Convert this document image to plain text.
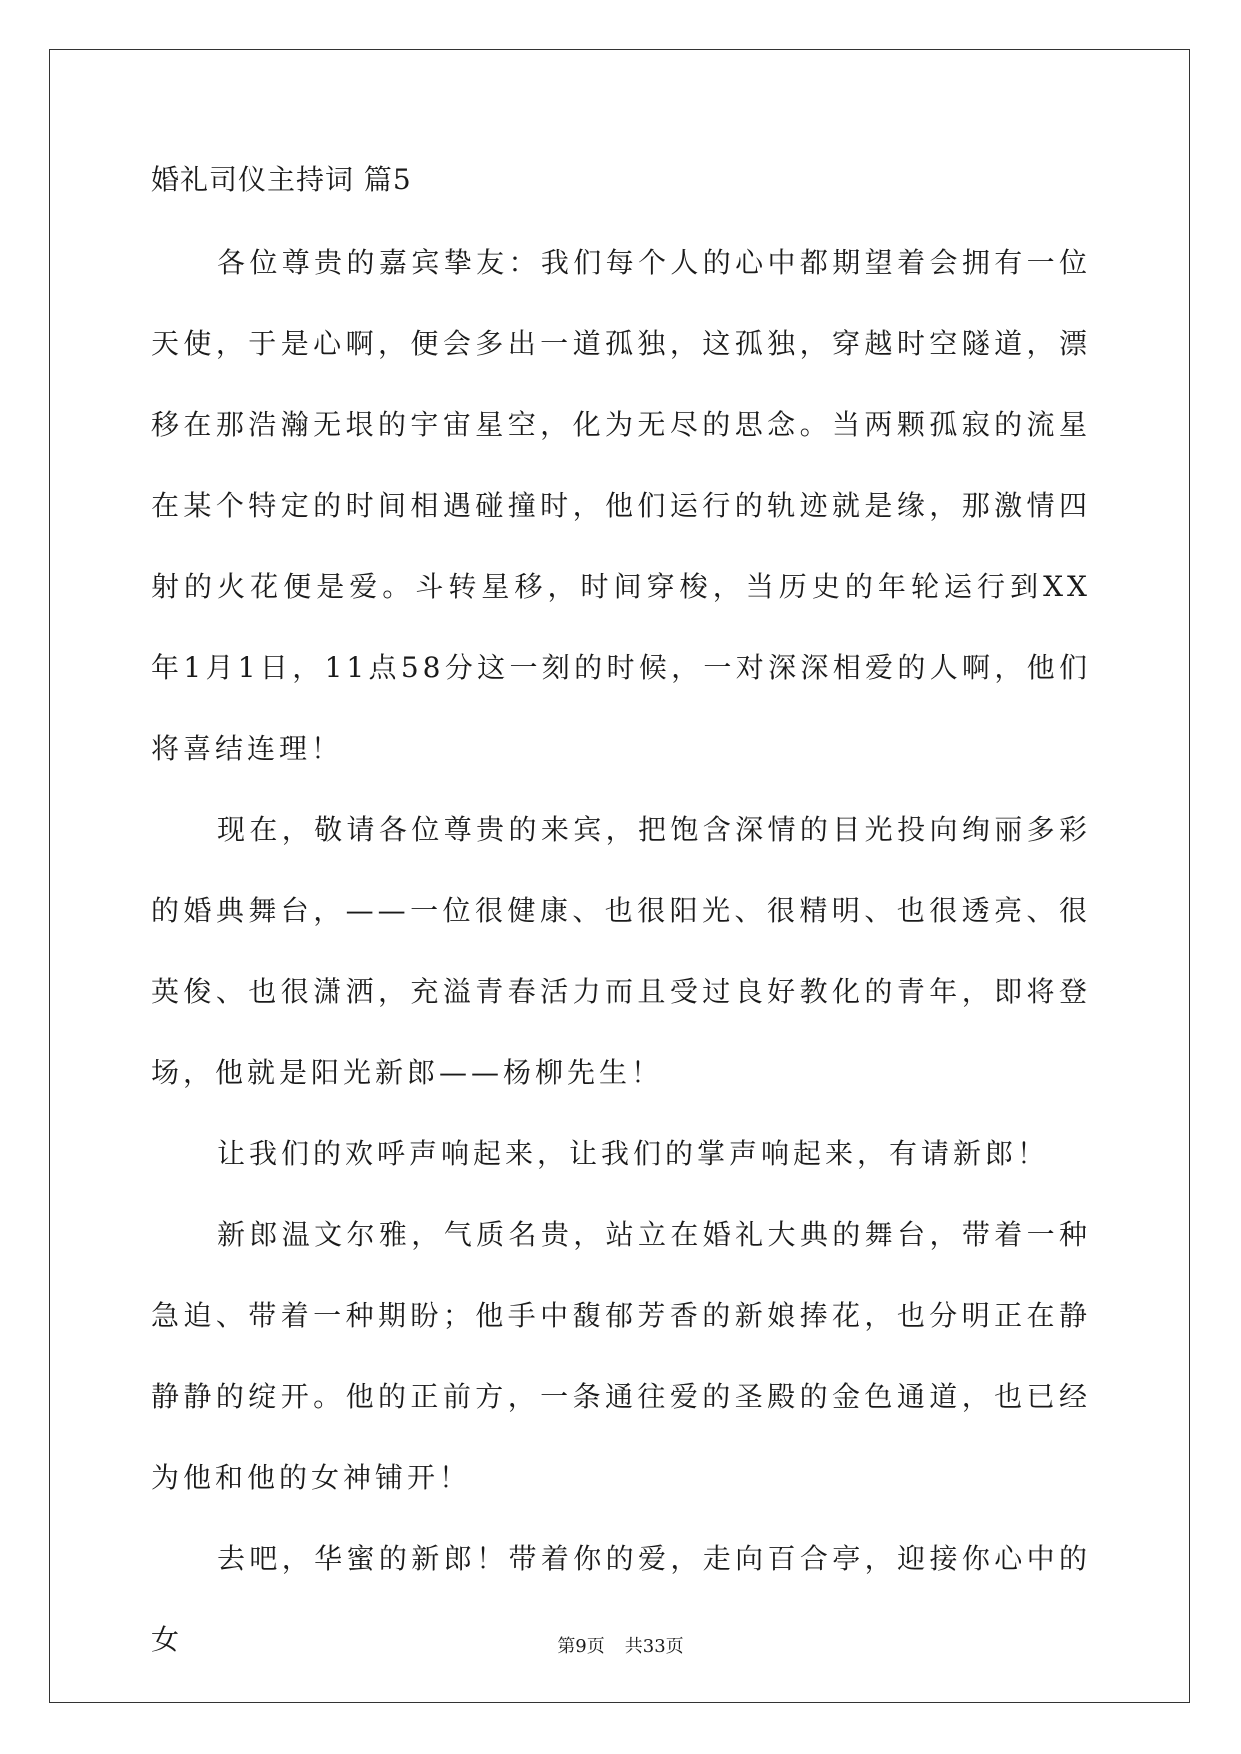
婚礼司仪主持词 篇5

各位尊贵的嘉宾挚友：我们每个人的心中都期望着会拥有一位天使，于是心啊，便会多出一道孤独，这孤独，穿越时空隧道，漂移在那浩瀚无垠的宇宙星空，化为无尽的思念。当两颗孤寂的流星在某个特定的时间相遇碰撞时，他们运行的轨迹就是缘，那激情四射的火花便是爱。斗转星移，时间穿梭，当历史的年轮运行到XX年1月1日，11点58分这一刻的时候，一对深深相爱的人啊，他们将喜结连理！

现在，敬请各位尊贵的来宾，把饱含深情的目光投向绚丽多彩的婚典舞台，——一位很健康、也很阳光、很精明、也很透亮、很英俊、也很潇洒，充溢青春活力而且受过良好教化的青年，即将登场，他就是阳光新郎——杨柳先生！

让我们的欢呼声响起来，让我们的掌声响起来，有请新郎！

新郎温文尔雅，气质名贵，站立在婚礼大典的舞台，带着一种急迫、带着一种期盼；他手中馥郁芳香的新娘捧花，也分明正在静静静的绽开。他的正前方，一条通往爱的圣殿的金色通道，也已经为他和他的女神铺开！

去吧，华蜜的新郎！带着你的爱，走向百合亭，迎接你心中的女	第9页 共33页
